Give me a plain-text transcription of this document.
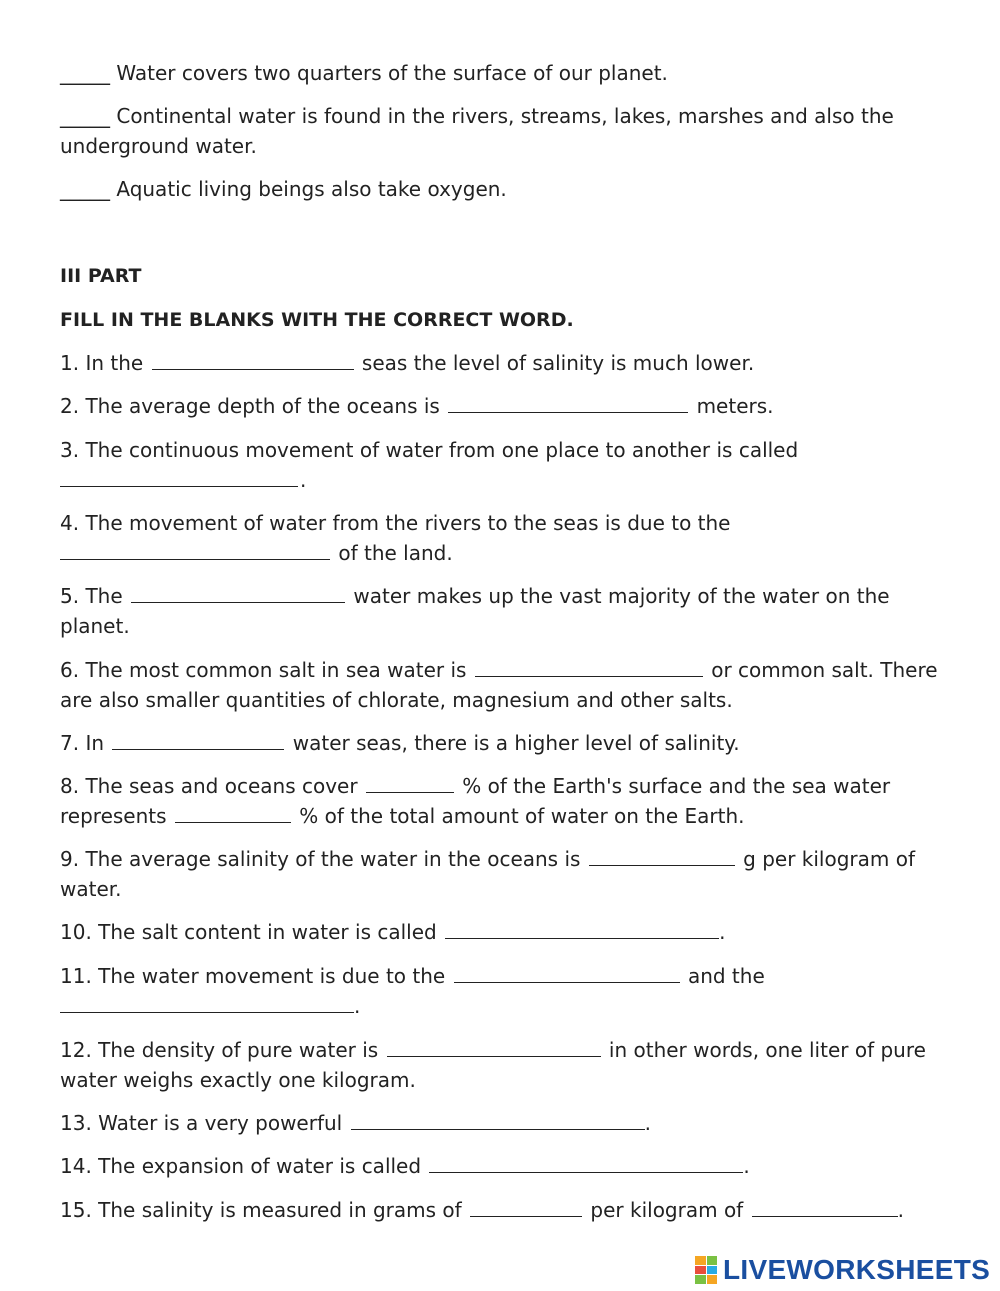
_____ Water covers two quarters of the surface of our planet.
_____ Continental water is found in the rivers, streams, lakes, marshes and also the underground water.
_____ Aquatic living beings also take oxygen.
III PART
FILL IN THE BLANKS WITH THE CORRECT WORD.
1. In the	seas the level of salinity is much lower.
2. The average depth of the oceans is	meters.
3. The continuous movement of water from one place to another is called .
4. The movement of water from the rivers to the seas is due to the  of the land.
5. The	water makes up the vast majority of the water on the planet.
6. The most common salt in sea water is	or common salt. There are also smaller quantities of chlorate, magnesium and other salts.
7. In	water seas, there is a higher level of salinity.
8. The seas and oceans cover	% of the Earth's surface and the sea water represents	% of the total amount of water on the Earth.
9. The average salinity of the water in the oceans is	g per kilogram of water.
10. The salt content in water is called	.
11. The water movement is due to the	and the
.
12. The density of pure water is	in other words, one liter of pure water weighs exactly one kilogram.
13. Water is a very powerful	.
14. The expansion of water is called	.
15. The salinity is measured in grams of	per kilogram of	.
LIVEWORKSHEETS
